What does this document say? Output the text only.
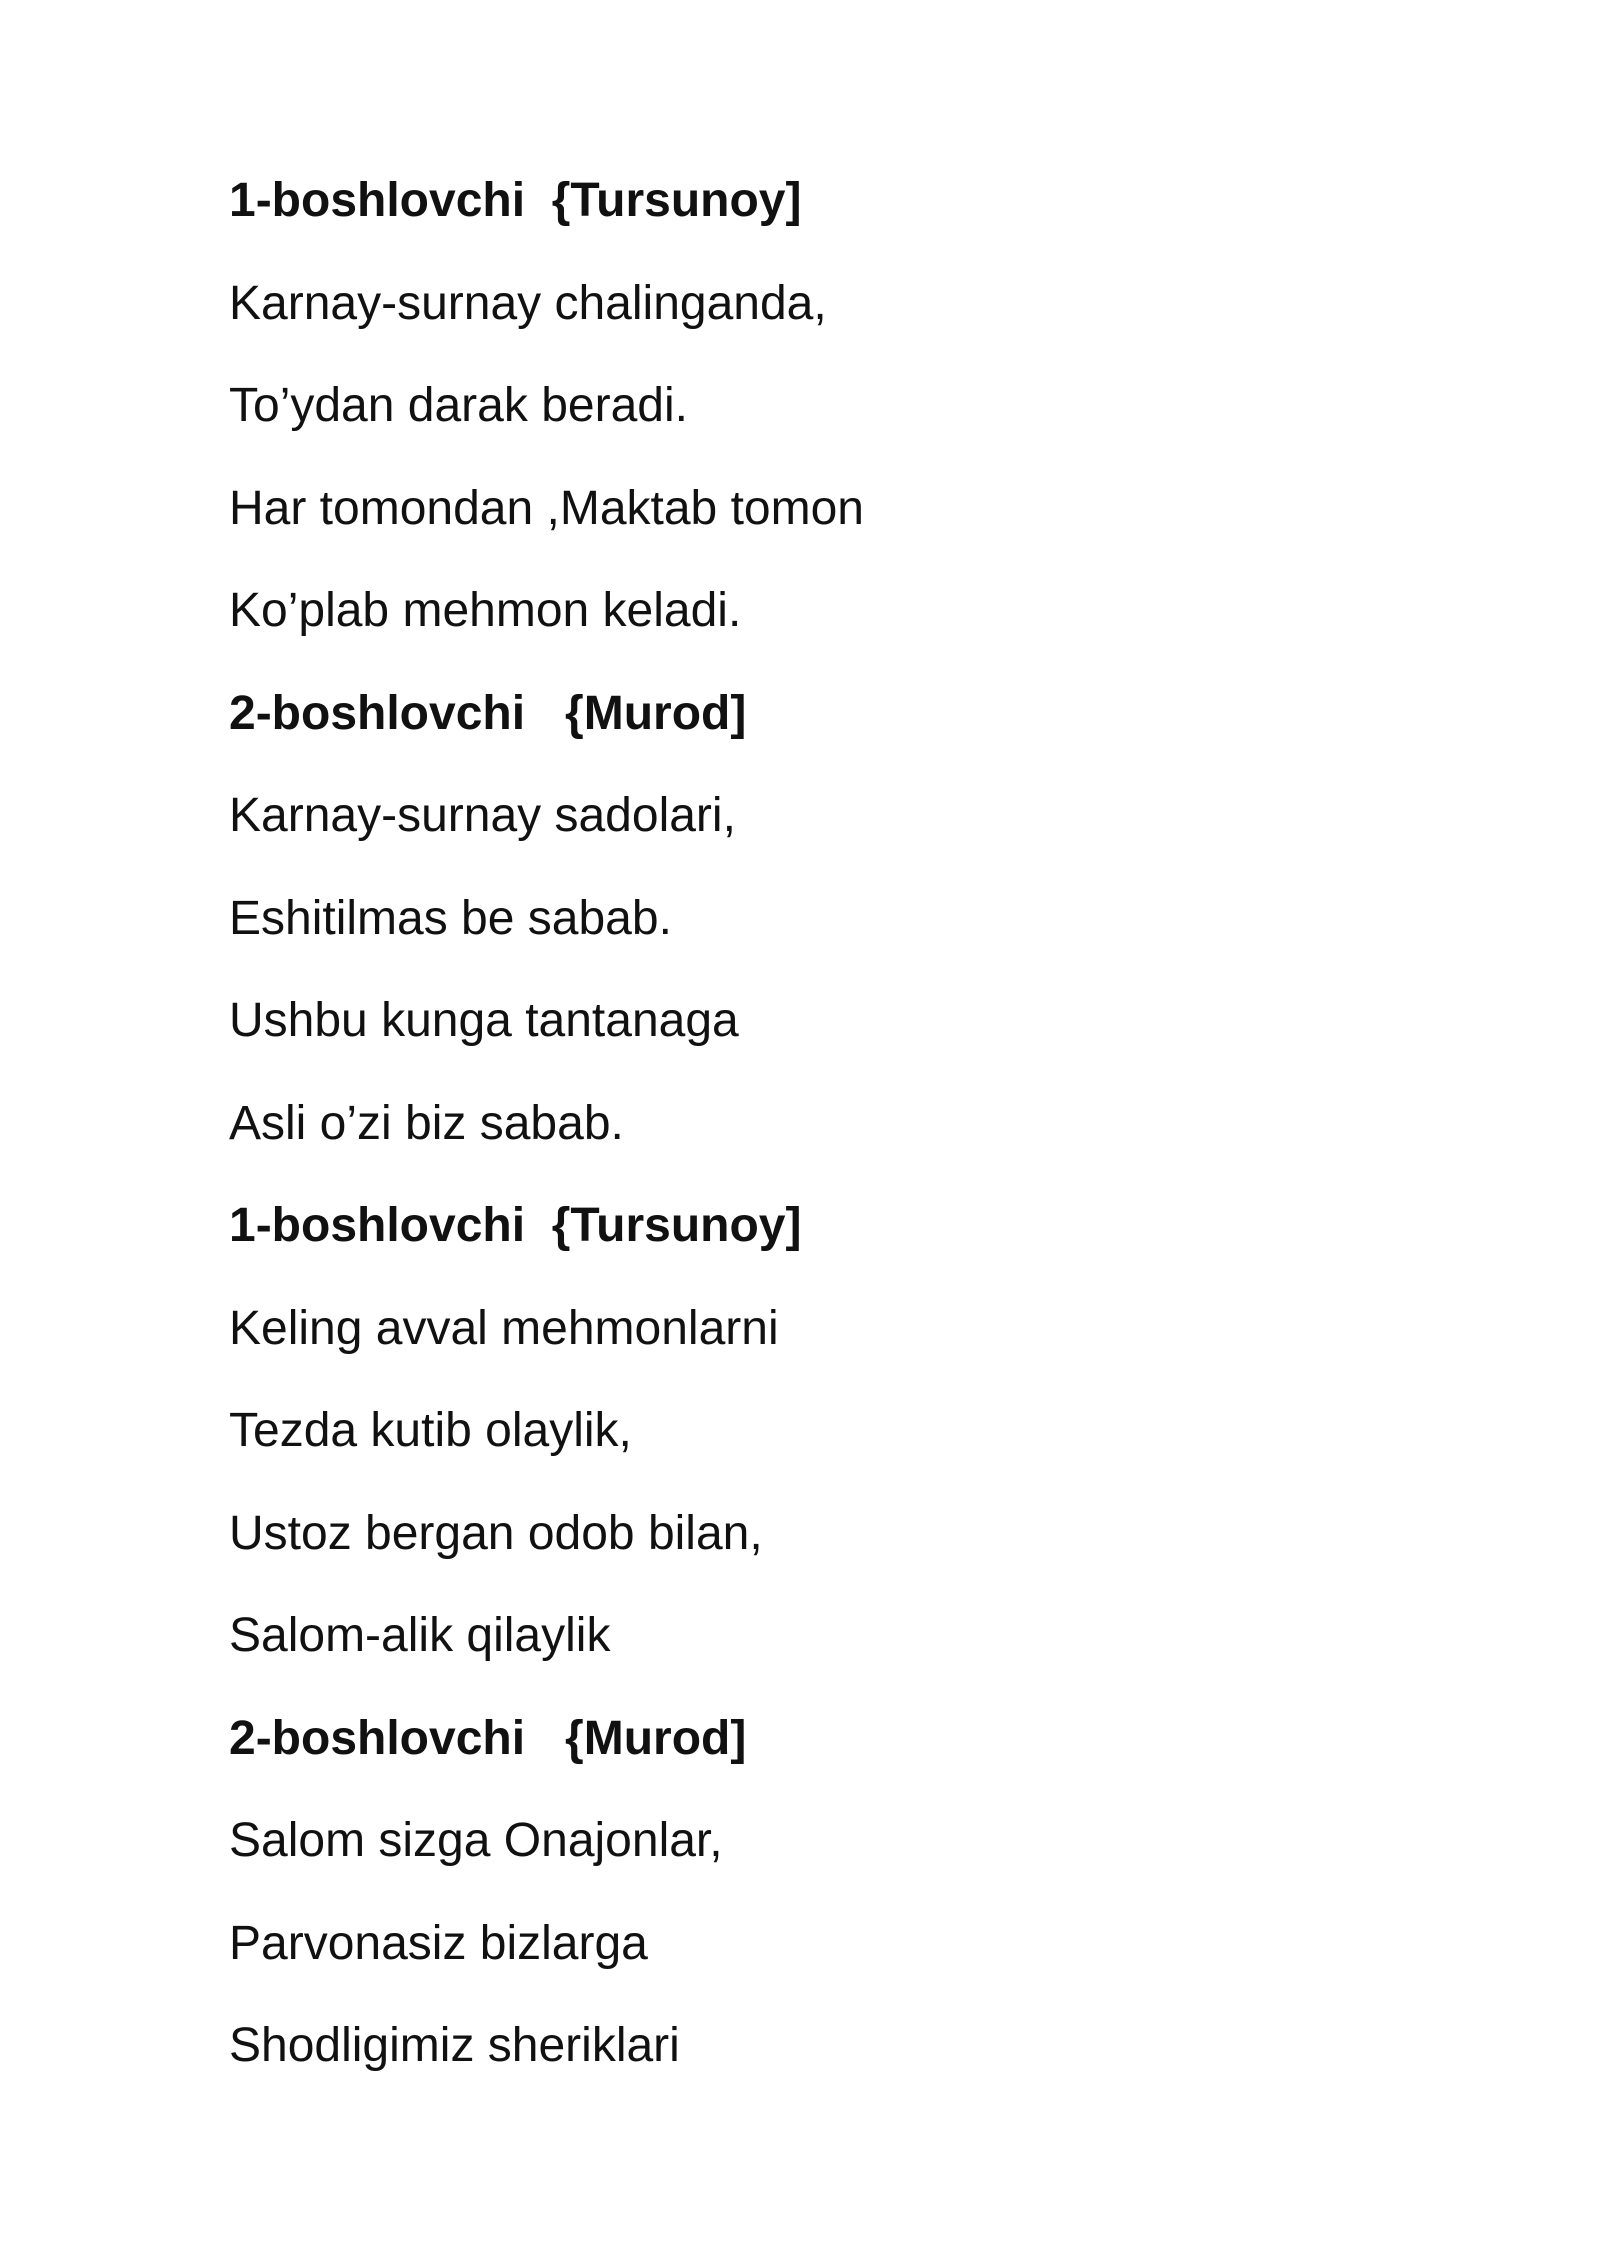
1-boshlovchi  {Tursunoy]

Karnay-surnay chalinganda,

To’ydan darak beradi.

Har tomondan ,Maktab tomon

Ko’plab mehmon keladi.

2-boshlovchi   {Murod]

Karnay-surnay sadolari,

Eshitilmas be sabab.

Ushbu kunga tantanaga

Asli o’zi biz sabab.

1-boshlovchi  {Tursunoy]

Keling avval mehmonlarni

Tezda kutib olaylik,

Ustoz bergan odob bilan,

Salom-alik qilaylik

2-boshlovchi   {Murod]

Salom sizga Onajonlar,

Parvonasiz bizlarga

Shodligimiz sheriklari
